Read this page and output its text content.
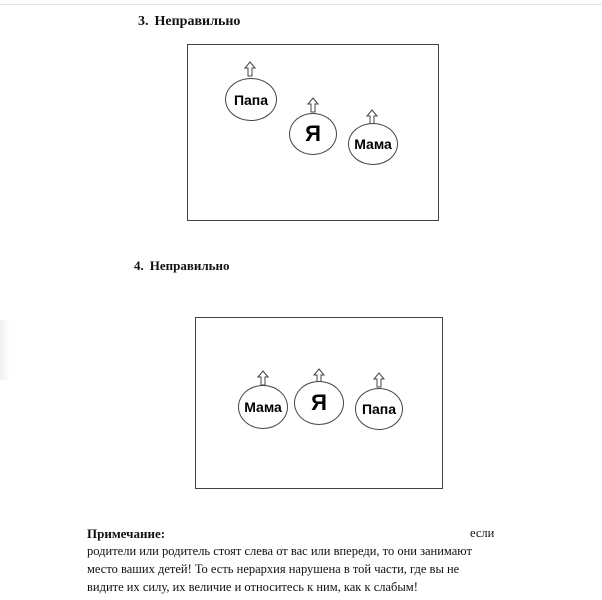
3. Неправильно
Папа
Я Мама
4. Неправильно
Мама Я	Папа
Примечание:	если
родители или родитель стоят слева от вас или впереди, то они занимают
место ваших детей! То есть нерархия нарушена в той части, где вы не
видите их силу, их величие и относитесь к ним, как к слабым!
